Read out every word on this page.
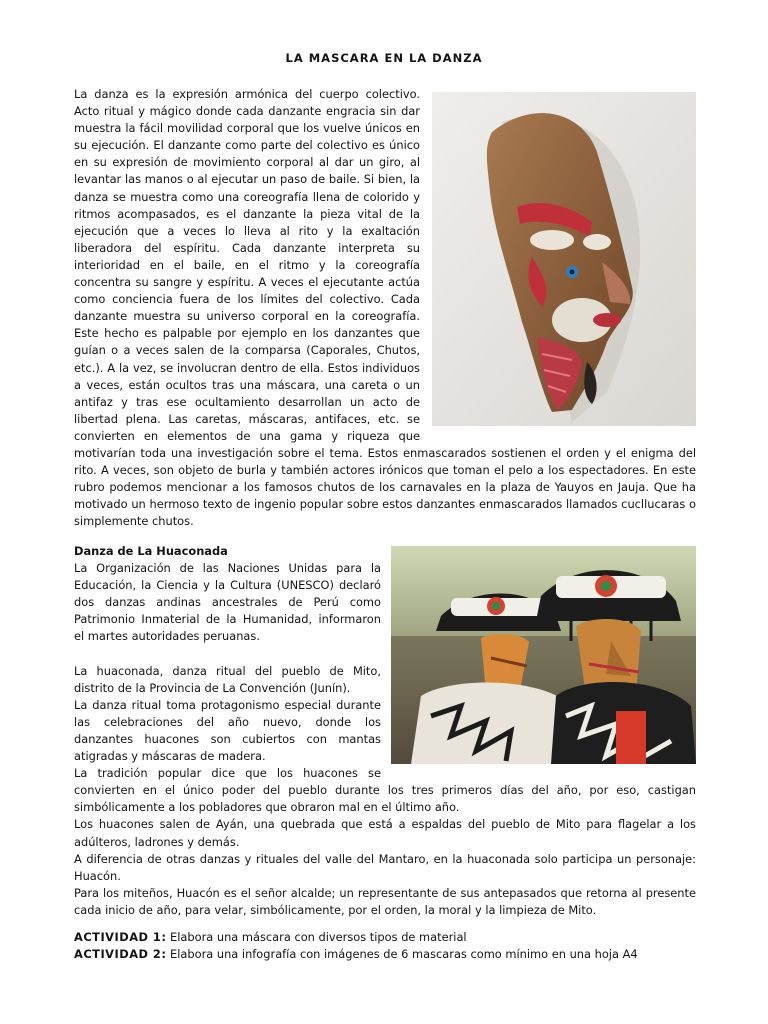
LA MASCARA EN LA DANZA

La danza es la expresión armónica del cuerpo colectivo. Acto ritual y mágico donde cada danzante engracia sin dar muestra la fácil movilidad corporal que los vuelve únicos en su ejecución. El danzante como parte del colectivo es único en su expresión de movimiento corporal al dar un giro, al levantar las manos o al ejecutar un paso de baile. Si bien, la danza se muestra como una coreografía llena de colorido y ritmos acompasados, es el danzante la pieza vital de la ejecución que a veces lo lleva al rito y la exaltación liberadora del espíritu. Cada danzante interpreta su interioridad en el baile, en el ritmo y la coreografía concentra su sangre y espíritu. A veces el ejecutante actúa como conciencia fuera de los límites del colectivo. Cada danzante muestra su universo corporal en la coreografía. Este hecho es palpable por ejemplo en los danzantes que guían o a veces salen de la comparsa (Caporales, Chutos, etc.). A la vez, se involucran dentro de ella. Estos individuos a veces, están ocultos tras una máscara, una careta o un antifaz y tras ese ocultamiento desarrollan un acto de libertad plena. Las caretas, máscaras, antifaces, etc. se convierten en elementos de una gama y riqueza que motivarían toda una investigación sobre el tema. Estos enmascarados sostienen el orden y el enigma del rito. A veces, son objeto de burla y también actores irónicos que toman el pelo a los espectadores. En este rubro podemos mencionar a los famosos chutos de los carnavales en la plaza de Yauyos en Jauja. Que ha motivado un hermoso texto de ingenio popular sobre estos danzantes enmascarados llamados cucllucaras o simplemente chutos.

Danza de La Huaconada

La Organización de las Naciones Unidas para la Educación, la Ciencia y la Cultura (UNESCO) declaró dos danzas andinas ancestrales de Perú como Patrimonio Inmaterial de la Humanidad, informaron el martes autoridades peruanas.

La huaconada, danza ritual del pueblo de Mito, distrito de la Provincia de La Convención (Junín).

La danza ritual toma protagonismo especial durante las celebraciones del año nuevo, donde los danzantes huacones son cubiertos con mantas atigradas y máscaras de madera.

La tradición popular dice que los huacones se convierten en el único poder del pueblo durante los tres primeros días del año, por eso, castigan simbólicamente a los pobladores que obraron mal en el último año.

Los huacones salen de Ayán, una quebrada que está a espaldas del pueblo de Mito para flagelar a los adúlteros, ladrones y demás.

A diferencia de otras danzas y rituales del valle del Mantaro, en la huaconada solo participa un personaje: Huacón.

Para los miteños, Huacón es el señor alcalde; un representante de sus antepasados que retorna al presente cada inicio de año, para velar, simbólicamente, por el orden, la moral y la limpieza de Mito.

ACTIVIDAD 1: Elabora una máscara con diversos tipos de material

ACTIVIDAD 2: Elabora una infografía con imágenes de 6 mascaras como mínimo en una hoja A4
